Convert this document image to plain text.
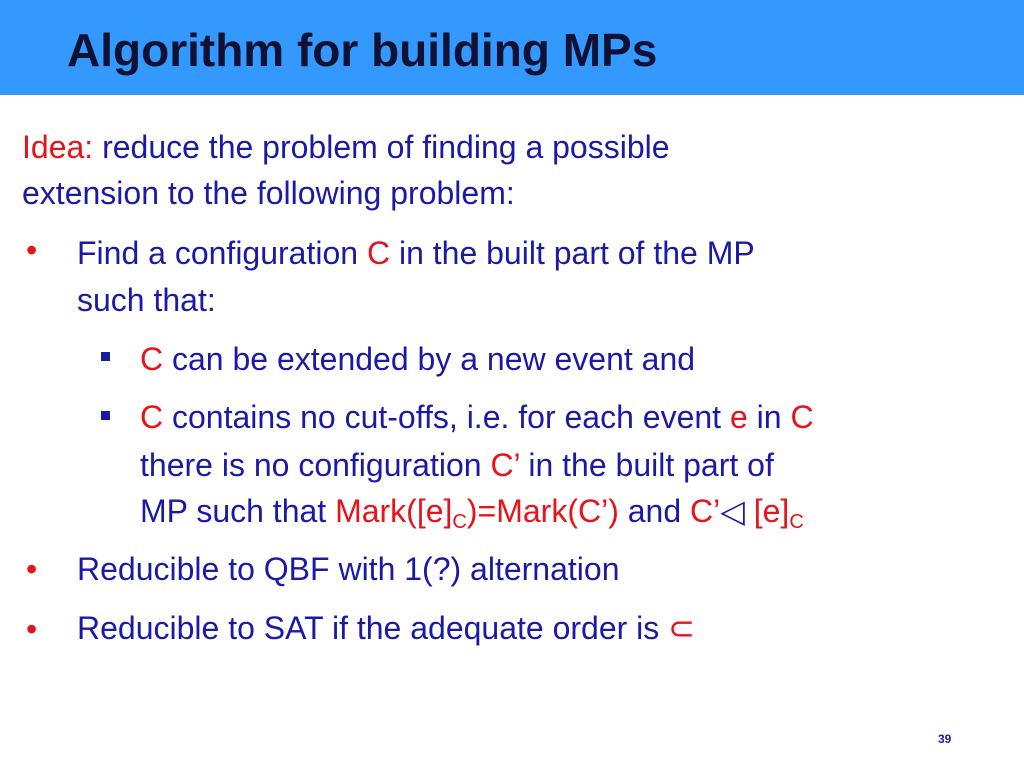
Algorithm for building MPs
Idea: reduce the problem of finding a possible
extension to the following problem:
• Find a configuration C in the built part of the MP
such that:
C can be extended by a new event and
C contains no cut-offs, i.e. for each event e in C
there is no configuration C’ in the built part of
MP such that $Mark([e]_C)=Mark(C’)$ and C’◁ $[e]_C$
• Reducible to QBF with 1(?) alternation
• Reducible to SAT if the adequate order is ⊂
39
